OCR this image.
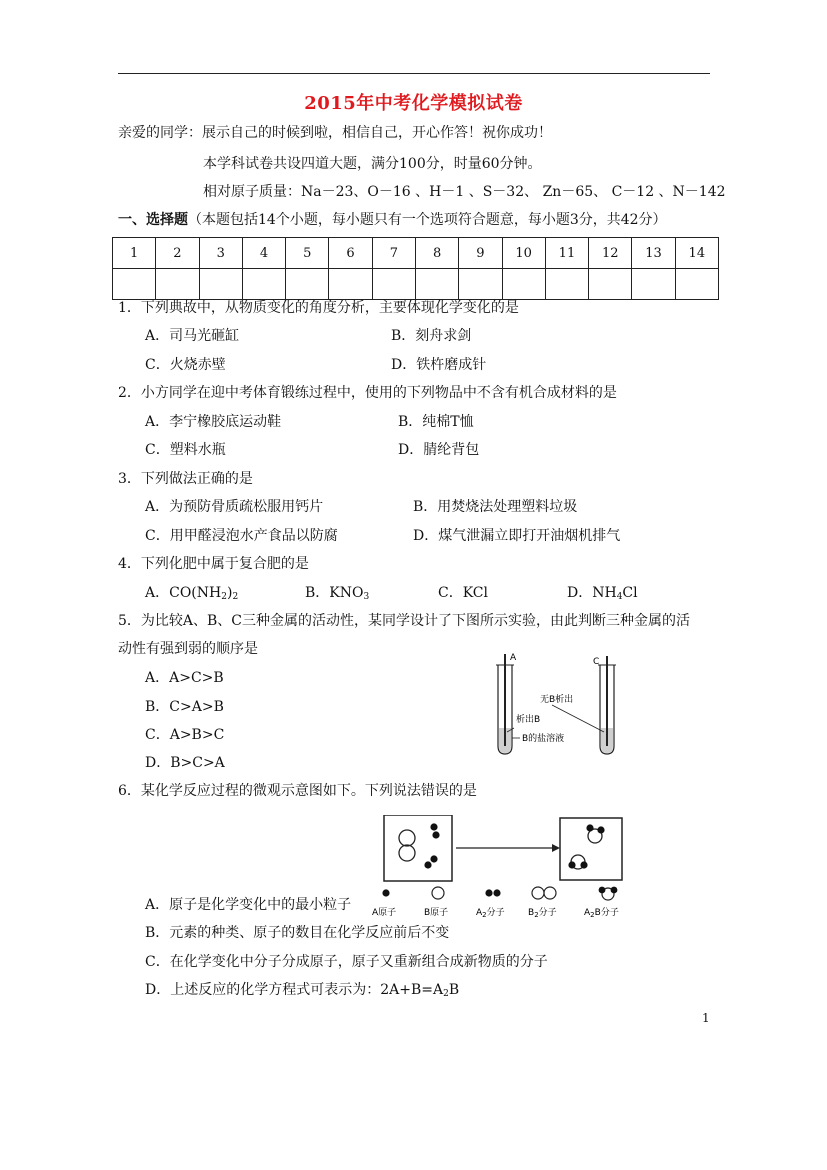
2015年中考化学模拟试卷
亲爱的同学：展示自己的时候到啦，相信自己，开心作答！祝你成功！
本学科试卷共设四道大题，满分100分，时量60分钟。
相对原子质量：Na－23、O－16 、H－1 、S－32、 Zn－65、 C－12 、N－142
一、选择题（本题包括14个小题，每小题只有一个选项符合题意，每小题3分，共42分）
1	2	3	4	5	6	7	8	9	10	11	12	13	14

1．下列典故中，从物质变化的角度分析，主要体现化学变化的是
A．司马光砸缸	B．刻舟求剑
C．火烧赤壁	D．铁杵磨成针
2．小方同学在迎中考体育锻练过程中，使用的下列物品中不含有机合成材料的是
A．李宁橡胶底运动鞋	B．纯棉T恤
C．塑料水瓶	D．腈纶背包
3．下列做法正确的是
A．为预防骨质疏松服用钙片	B．用焚烧法处理塑料垃圾
C．用甲醛浸泡水产食品以防腐	D．煤气泄漏立即打开油烟机排气
4．下列化肥中属于复合肥的是
A．$CO(NH_2)_2$	B．$KNO_3$	C．KCl	D．$NH_4Cl$
5．为比较A、B、C三种金属的活动性，某同学设计了下图所示实验，由此判断三种金属的活
动性有强到弱的顺序是
A．A>C>B
B．C>A>B
C．A>B>C
D．B>C>A
A	C
无B析出
析出B
B的盐溶液
6．某化学反应过程的微观示意图如下。下列说法错误的是
A原子	B原子	$A_2$分子	$B_2$分子	$A_2B$分子
A．原子是化学变化中的最小粒子
B．元素的种类、原子的数目在化学反应前后不变
C．在化学变化中分子分成原子，原子又重新组合成新物质的分子
D．上述反应的化学方程式可表示为：$2A+B=A_2B$
1
